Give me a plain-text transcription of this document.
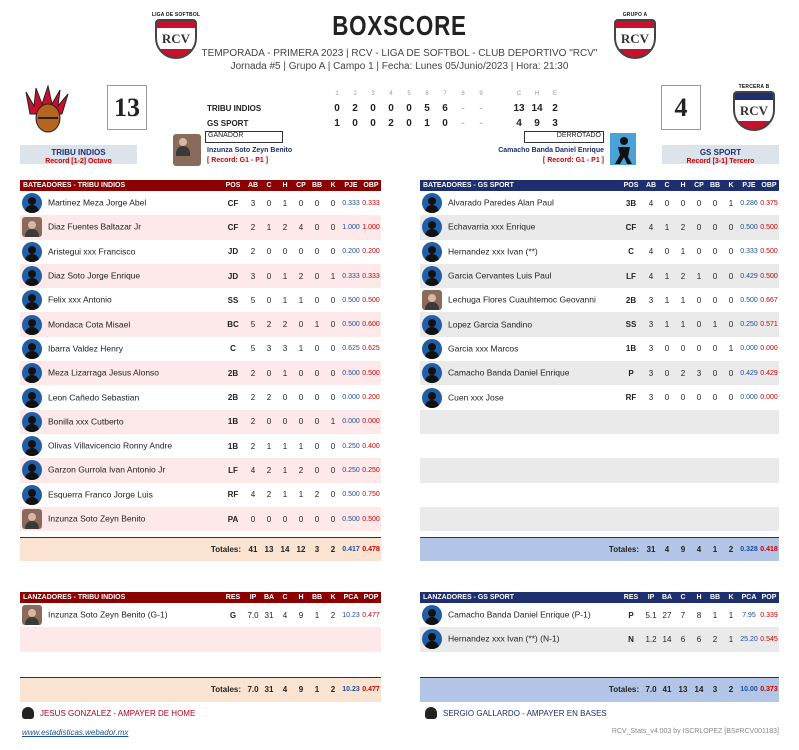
LIGA DE SOFTBOL
RCV
GRUPO A
RCV
BOXSCORE
TEMPORADA - PRIMERA 2023 | RCV - LIGA DE SOFTBOL - CLUB DEPORTIVO "RCV"
Jornada #5 | Grupo A | Campo 1 | Fecha: Lunes 05/Junio/2023 | Hora: 21:30
13
TRIBU INDIOS
Record [1-2] Octavo
4
TERCERA B
RCV
GS SPORT
Record [3-1] Tercero
	1	2	3	4	5	6	7	8	9		C	H	E
TRIBU INDIOS	0	2	0	0	0	5	6	-	-		13	14	2
GS SPORT	1	0	0	2	0	1	0	-	-		4	9	3
GANADOR
Inzunza Soto Zeyn Benito
[ Record: G1 - P1 ]
DERROTADO
Camacho Banda Daniel Enrique
[ Record: G1 - P1 ]
BATEADORES - TRIBU INDIOS	POS	AB	C	H	CP	BB	K	PJE	OBP
Martinez Meza Jorge Abel	CF	3	0	1	0	0	0	0.333	0.333
Diaz Fuentes Baltazar Jr	CF	2	1	2	4	0	0	1.000	1.000
Aristegui xxx Francisco	JD	2	0	0	0	0	0	0.200	0.200
Diaz Soto Jorge Enrique	JD	3	0	1	2	0	1	0.333	0.333
Felix xxx Antonio	SS	5	0	1	1	0	0	0.500	0.500
Mondaca Cota Misael	BC	5	2	2	0	1	0	0.500	0.600
Ibarra Valdez Henry	C	5	3	3	1	0	0	0.625	0.625
Meza Lizarraga Jesus Alonso	2B	2	0	1	0	0	0	0.500	0.500
Leon Cañedo Sebastian	2B	2	2	0	0	0	0	0.000	0.200
Bonilla xxx Cutberto	1B	2	0	0	0	0	1	0.000	0.000
Olivas Villavicencio Ronny Andre	1B	2	1	1	1	0	0	0.250	0.400
Garzon Gurrola Ivan Antonio Jr	LF	4	2	1	2	0	0	0.250	0.250
Esquerra Franco Jorge Luis	RF	4	2	1	1	2	0	0.500	0.750
Inzunza Soto Zeyn Benito	PA	0	0	0	0	0	0	0.500	0.500

Totales:		41	13	14	12	3	2	0.417	0.478
BATEADORES - GS SPORT	POS	AB	C	H	CP	BB	K	PJE	OBP
Alvarado Paredes Alan Paul	3B	4	0	0	0	0	1	0.286	0.375
Echavarria xxx Enrique	CF	4	1	2	0	0	0	0.500	0.500
Hernandez xxx Ivan (**)	C	4	0	1	0	0	0	0.333	0.500
Garcia Cervantes Luis Paul	LF	4	1	2	1	0	0	0.429	0.500
Lechuga Flores Cuauhtemoc Geovanni	2B	3	1	1	0	0	0	0.500	0.667
Lopez Garcia Sandino	SS	3	1	1	0	1	0	0.250	0.571
Garcia xxx Marcos	1B	3	0	0	0	0	1	0.000	0.000
Camacho Banda Daniel Enrique	P	3	0	2	3	0	0	0.429	0.429
Cuen xxx Jose	RF	3	0	0	0	0	0	0.000	0.000

Totales:		31	4	9	4	1	2	0.328	0.418
LANZADORES - TRIBU INDIOS	RES	IP	BA	C	H	BB	K	PCA	POP
Inzunza Soto Zeyn Benito (G-1)	G	7.0	31	4	9	1	2	10.23	0.477

Totales:		7.0	31	4	9	1	2	10.23	0.477
LANZADORES - GS SPORT	RES	IP	BA	C	H	BB	K	PCA	POP
Camacho Banda Daniel Enrique (P-1)	P	5.1	27	7	8	1	1	7.95	0.339
Hernandez xxx Ivan (**) (N-1)	N	1.2	14	6	6	2	1	25.20	0.545

Totales:		7.0	41	13	14	3	2	10.00	0.373
JESUS GONZALEZ - AMPAYER DE HOME	SERGIO GALLARDO - AMPAYER EN BASES
www.estadisticas.webador.mx	RCV_Stats_v4.003 by ISCRLOPEZ [BS#RCV001183]
